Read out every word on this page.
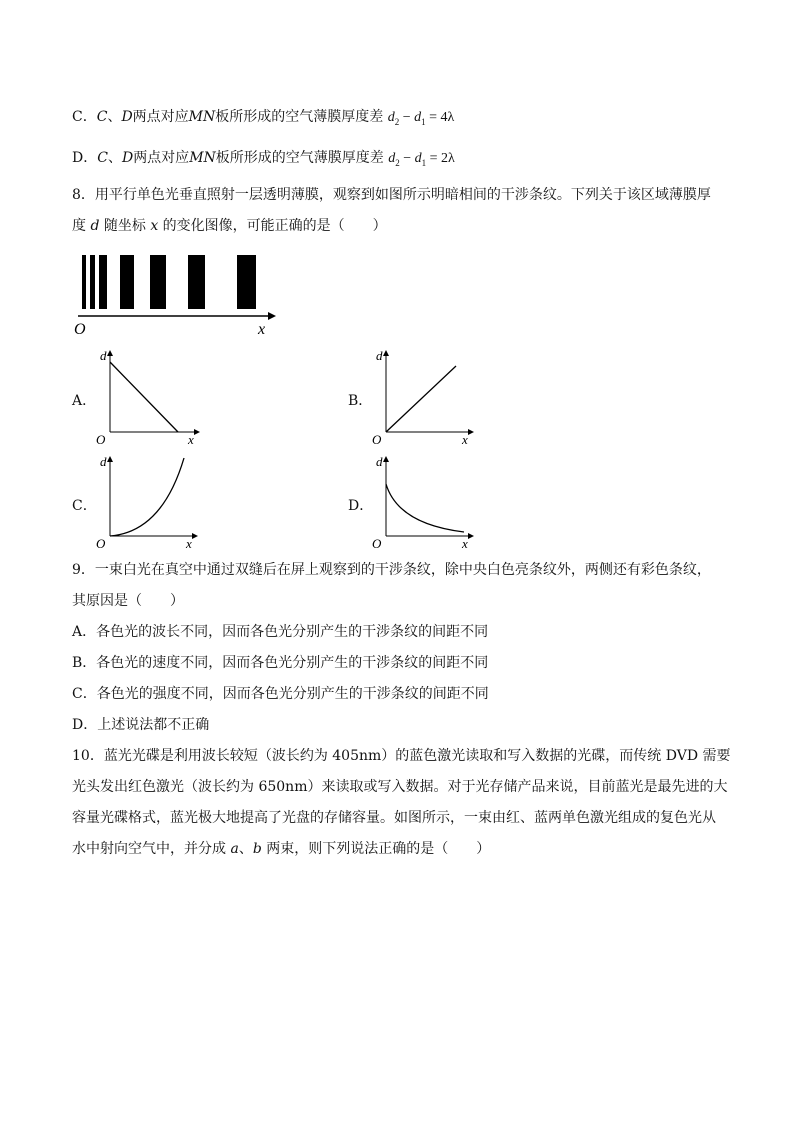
C．C、D两点对应MN板所形成的空气薄膜厚度差 $d_2 - d_1 = 4\lambda$
D．C、D两点对应MN板所形成的空气薄膜厚度差 $d_2 - d_1 = 2\lambda$
8．用平行单色光垂直照射一层透明薄膜，观察到如图所示明暗相间的干涉条纹。下列关于该区域薄膜厚
度 d 随坐标 x 的变化图像，可能正确的是（　　）
O	x
A．
d
O	x
B．
d
O	x
C．
d
O	x
D．
d
O	x
9．一束白光在真空中通过双缝后在屏上观察到的干涉条纹，除中央白色亮条纹外，两侧还有彩色条纹，
其原因是（　　）
A．各色光的波长不同，因而各色光分别产生的干涉条纹的间距不同
B．各色光的速度不同，因而各色光分别产生的干涉条纹的间距不同
C．各色光的强度不同，因而各色光分别产生的干涉条纹的间距不同
D．上述说法都不正确
10．蓝光光碟是利用波长较短（波长约为 405nm）的蓝色激光读取和写入数据的光碟，而传统 DVD 需要
光头发出红色激光（波长约为 650nm）来读取或写入数据。对于光存储产品来说，目前蓝光是最先进的大
容量光碟格式，蓝光极大地提高了光盘的存储容量。如图所示，一束由红、蓝两单色激光组成的复色光从
水中射向空气中，并分成 a、b 两束，则下列说法正确的是（　　）
